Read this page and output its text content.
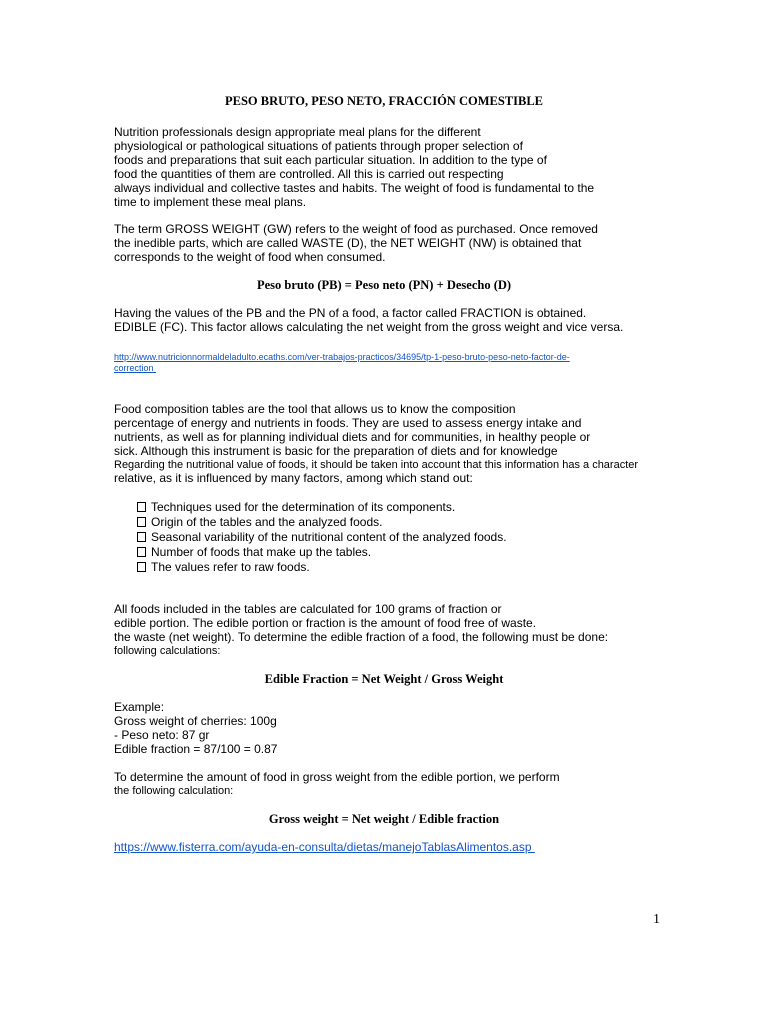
PESO BRUTO, PESO NETO, FRACCIÓN COMESTIBLE
Nutrition professionals design appropriate meal plans for the different
physiological or pathological situations of patients through proper selection of
foods and preparations that suit each particular situation. In addition to the type of
food the quantities of them are controlled. All this is carried out respecting
always individual and collective tastes and habits. The weight of food is fundamental to the
time to implement these meal plans.
The term GROSS WEIGHT (GW) refers to the weight of food as purchased. Once removed
the inedible parts, which are called WASTE (D), the NET WEIGHT (NW) is obtained that
corresponds to the weight of food when consumed.
Peso bruto (PB) = Peso neto (PN) + Desecho (D)
Having the values of the PB and the PN of a food, a factor called FRACTION is obtained.
EDIBLE (FC). This factor allows calculating the net weight from the gross weight and vice versa.
http://www.nutricionnormaldeladulto.ecaths.com/ver-trabajos-practicos/34695/tp-1-peso-bruto-peso-neto-factor-de-
correction
Food composition tables are the tool that allows us to know the composition
percentage of energy and nutrients in foods. They are used to assess energy intake and
nutrients, as well as for planning individual diets and for communities, in healthy people or
sick. Although this instrument is basic for the preparation of diets and for knowledge
Regarding the nutritional value of foods, it should be taken into account that this information has a character
relative, as it is influenced by many factors, among which stand out:
Techniques used for the determination of its components.
Origin of the tables and the analyzed foods.
Seasonal variability of the nutritional content of the analyzed foods.
Number of foods that make up the tables.
The values refer to raw foods.
All foods included in the tables are calculated for 100 grams of fraction or
edible portion. The edible portion or fraction is the amount of food free of waste.
the waste (net weight). To determine the edible fraction of a food, the following must be done:
following calculations:
Edible Fraction = Net Weight / Gross Weight
Example:
Gross weight of cherries: 100g
- Peso neto: 87 gr
Edible fraction = 87/100 = 0.87
To determine the amount of food in gross weight from the edible portion, we perform
the following calculation:
Gross weight = Net weight / Edible fraction
https://www.fisterra.com/ayuda-en-consulta/dietas/manejoTablasAlimentos.asp
1
